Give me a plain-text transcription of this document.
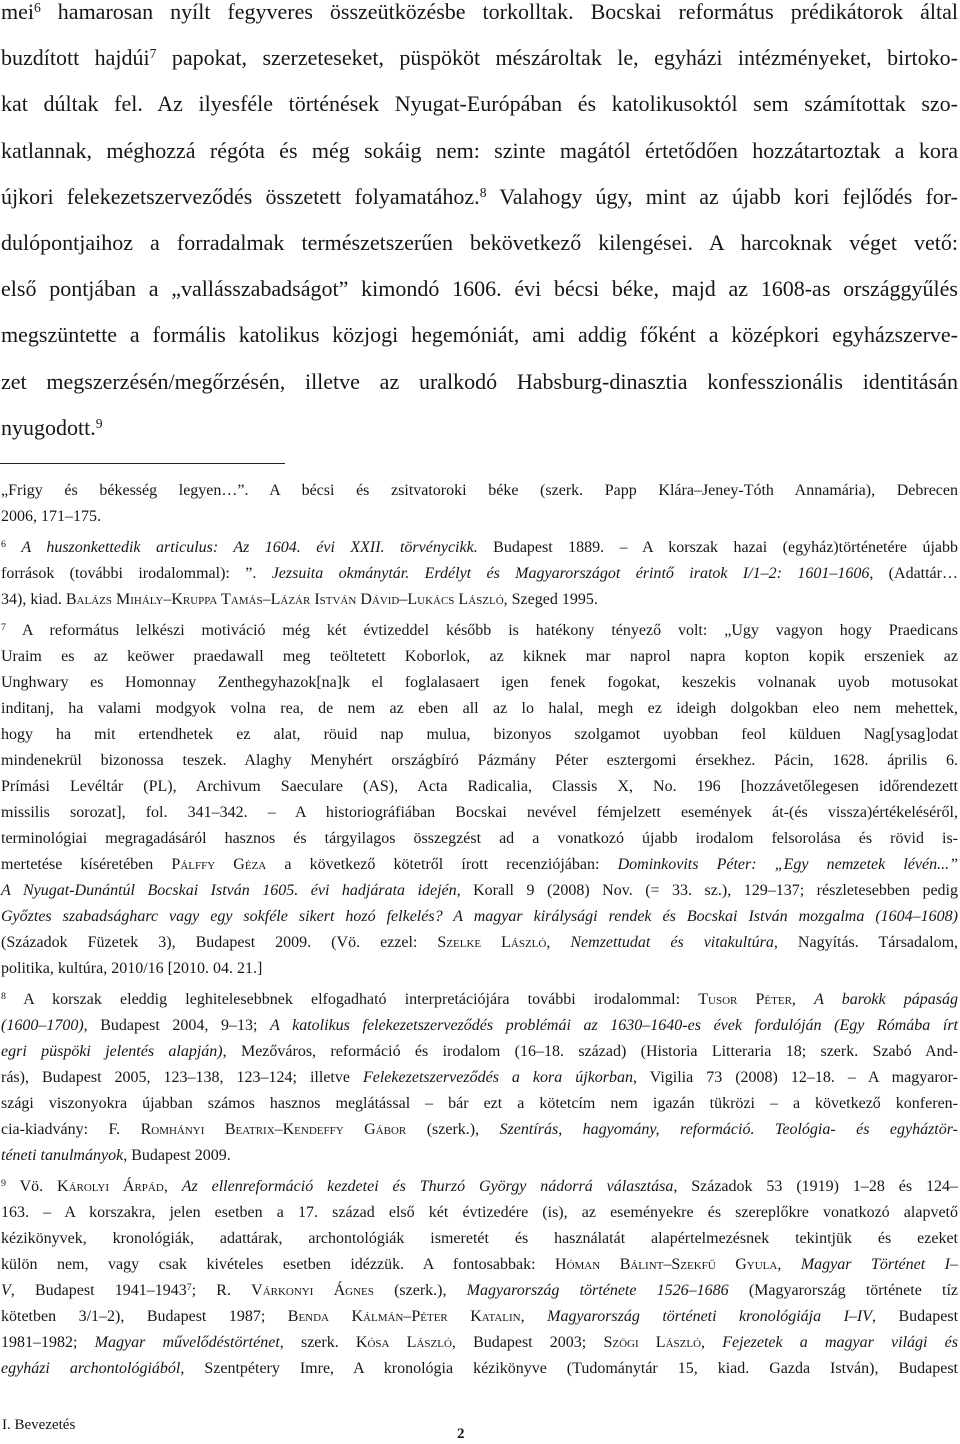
mei$^6$ hamarosan nyílt fegyveres összeütközésbe torkolltak. Bocskai református prédikátorok által
buzdított hajdúi$^7$ papokat, szerzeteseket, püspököt mészároltak le, egyházi intézményeket, birtoko-
kat dúltak fel. Az ilyesféle történések Nyugat-Európában és katolikusoktól sem számítottak szo-
katlannak, méghozzá régóta és még sokáig nem: szinte magától értetődően hozzátartoztak a kora
újkori felekezetszerveződés összetett folyamatához.$^8$ Valahogy úgy, mint az újabb kori fejlődés for-
dulópontjaihoz a forradalmak természetszerűen bekövetkező kilengései. A harcoknak véget vető:
első pontjában a „vallásszabadságot” kimondó 1606. évi bécsi béke, majd az 1608-as országgyűlés
megszüntette a formális katolikus közjogi hegemóniát, ami addig főként a középkori egyházszerve-
zet megszerzésén/megőrzésén, illetve az uralkodó Habsburg-dinasztia konfesszionális identitásán
nyugodott.$^9$
„Frigy és békesség legyen…”. A bécsi és zsitvatoroki béke (szerk. Papp Klára–Jeney-Tóth Annamária), Debrecen
2006, 171–175.
$^6$ A huszonkettedik articulus: Az 1604. évi XXII. törvénycikk. Budapest 1889. – A korszak hazai (egyház)történetére újabb
források (további irodalommal): ”. Jezsuita okmánytár. Erdélyt és Magyarországot érintő iratok I/1–2: 1601–1606, (Adattár…
34), kiad. Balázs Mihály–Kruppa Tamás–Lázár István Dávid–Lukács László, Szeged 1995.
$^7$ A református lelkészi motiváció még két évtizeddel később is hatékony tényező volt: „Ugy vagyon hogy Praedicans
Uraim es az keöwer praedawall meg teöltetett Koborlok, az kiknek mar naprol napra kopton kopik erszeniek az
Unghwary es Homonnay Zenthegyhazok[na]k el foglalasaert igen fenek fogokat, keszekis volnanak uyob motusokat
inditanj, ha valami modgyok volna rea, de nem az eben all az lo halal, megh ez ideigh dolgokban eleo nem mehettek,
hogy ha mit ertendhetek ez alat, röuid nap mulua, bizonyos szolgamot uyobban feol külduen Nag[ysag]odat
mindenekrül bizonossa teszek. Alaghy Menyhért országbíró Pázmány Péter esztergomi érsekhez. Pácin, 1628. április 6.
Prímási Levéltár (PL), Archivum Saeculare (AS), Acta Radicalia, Classis X, No. 196 [hozzávetőlegesen időrendezett
missilis sorozat], fol. 341–342. – A historiográfiában Bocskai nevével fémjelzett események át-(és vissza)értékeléséről,
terminológiai megragadásáról hasznos és tárgyilagos összegzést ad a vonatkozó újabb irodalom felsorolása és rövid is-
mertetése kíséretében Pálffy Géza a következő kötetről írott recenziójában: Dominkovits Péter: „Egy nemzetek lévén...”
A Nyugat-Dunántúl Bocskai István 1605. évi hadjárata idején, Korall 9 (2008) Nov. (= 33. sz.), 129–137; részletesebben pedig
Győztes szabadságharc vagy egy sokféle sikert hozó felkelés? A magyar királysági rendek és Bocskai István mozgalma (1604–1608)
(Századok Füzetek 3), Budapest 2009. (Vö. ezzel: Szelke László, Nemzettudat és vitakultúra, Nagyítás. Társadalom,
politika, kultúra, 2010/16 [2010. 04. 21.]
$^8$ A korszak eleddig leghitelesebbnek elfogadható interpretációjára további irodalommal: Tusor Péter, A barokk pápaság
(1600–1700), Budapest 2004, 9–13; A katolikus felekezetszerveződés problémái az 1630–1640-es évek fordulóján (Egy Rómába írt
egri püspöki jelentés alapján), Mezőváros, reformáció és irodalom (16–18. század) (Historia Litteraria 18; szerk. Szabó And-
rás), Budapest 2005, 123–138, 123–124; illetve Felekezetszerveződés a kora újkorban, Vigilia 73 (2008) 12–18. – A magyaror-
szági viszonyokra újabban számos hasznos meglátással – bár ezt a kötetcím nem igazán tükrözi – a következő konferen-
cia-kiadvány: F. Romhányi Beatrix–Kendeffy Gábor (szerk.), Szentírás, hagyomány, reformáció. Teológia- és egyháztör-
téneti tanulmányok, Budapest 2009.
$^9$ Vö. Károlyi Árpád, Az ellenreformáció kezdetei és Thurzó György nádorrá választása, Századok 53 (1919) 1–28 és 124–
163. – A korszakra, jelen esetben a 17. század első két évtizedére (is), az eseményekre és szereplőkre vonatkozó alapvető
kézikönyvek, kronológiák, adattárak, archontológiák ismeretét és használatát alapértelmezésnek tekintjük és ezeket
külön nem, vagy csak kivételes esetben idézzük. A fontosabbak: Hóman Bálint–Szekfű Gyula, Magyar Történet I–
V, Budapest 1941–1943$^7$; R. Várkonyi Ágnes (szerk.), Magyarország története 1526–1686 (Magyarország története tíz
kötetben 3/1–2), Budapest 1987; Benda Kálmán–Péter Katalin, Magyarország történeti kronológiája I–IV, Budapest
1981–1982; Magyar művelődéstörténet, szerk. Kósa László, Budapest 2003; Szögi László, Fejezetek a magyar világi és
egyházi archontológiából, Szentpétery Imre, A kronológia kézikönyve (Tudománytár 15, kiad. Gazda István), Budapest
I. Bevezetés
2
